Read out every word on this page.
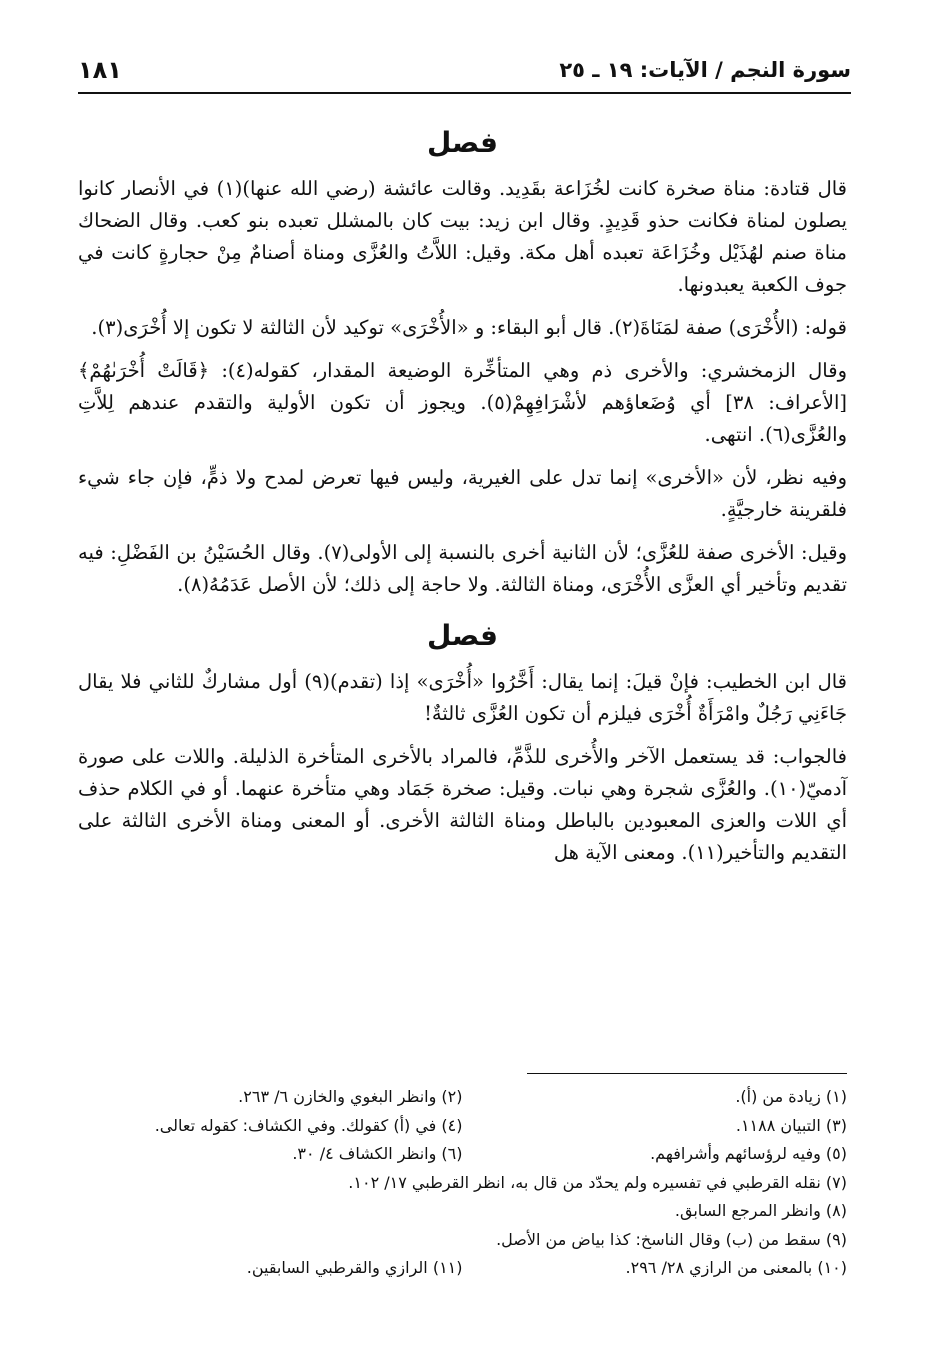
سورة النجم / الآيات: ١٩ ـ ٢٥
١٨١
فصل

قال قتادة: مناة صخرة كانت لخُزَاعة بقَدِيد. وقالت عائشة (رضي الله عنها)(١) في الأنصار كانوا يصلون لمناة فكانت حذو قَدِيدٍ. وقال ابن زيد: بيت كان بالمشلل تعبده بنو كعب. وقال الضحاك مناة صنم لهُذَيْل وخُزَاعَة تعبده أهل مكة. وقيل: اللاَّتُ والعُزَّى ومناة أصنامٌ مِنْ حجارةٍ كانت في جوف الكعبة يعبدونها.

قوله: (الأُخْرَى) صفة لمَنَاةَ(٢). قال أبو البقاء: و «الأُخْرَى» توكيد لأن الثالثة لا تكون إلا أُخْرَى(٣).

وقال الزمخشري: والأخرى ذم وهي المتأخِّرة الوضيعة المقدار، كقوله(٤): ﴿قَالَتْ أُخْرَىٰهُمْ﴾ [الأعراف: ٣٨] أي وُضَعاؤهم لأشْرَافِهِمْ(٥). ويجوز أن تكون الأولية والتقدم عندهم لِلاَّتِ والعُزَّى(٦). انتهى.

وفيه نظر، لأن «الأخرى» إنما تدل على الغيرية، وليس فيها تعرض لمدح ولا ذمٍّ، فإن جاء شيء فلقرينة خارجيَّةٍ.

وقيل: الأخرى صفة للعُزَّى؛ لأن الثانية أخرى بالنسبة إلى الأولى(٧). وقال الحُسَيْنُ بن الفَضْلِ: فيه تقديم وتأخير أي العزَّى الأُخْرَى، ومناة الثالثة. ولا حاجة إلى ذلك؛ لأن الأصل عَدَمُهُ(٨).

فصل

قال ابن الخطيب: فإنْ قيلَ: إنما يقال: أَخَّرُوا «أُخْرَى» إذا (تقدم)(٩) أول مشاركٌ للثاني فلا يقال جَاءَنِي رَجُلٌ وامْرَأَةٌ أُخْرَى فيلزم أن تكون العُزَّى ثالثةٌ!

فالجواب: قد يستعمل الآخر والأُخرى للذَّمِّ، فالمراد بالأخرى المتأخرة الذليلة. واللات على صورة آدميّ(١٠). والعُزَّى شجرة وهي نبات. وقيل: صخرة جَمَاد وهي متأخرة عنهما. أو في الكلام حذف أي اللات والعزى المعبودين بالباطل ومناة الثالثة الأخرى. أو المعنى ومناة الأخرى الثالثة على التقديم والتأخير(١١). ومعنى الآية هل

(١) زيادة من (أ).
(٢) وانظر البغوي والخازن ٦/ ٢٦٣.
(٣) التبيان ١١٨٨.
(٤) في (أ) كقولك. وفي الكشاف: كقوله تعالى.
(٥) وفيه لرؤسائهم وأشرافهم.
(٦) وانظر الكشاف ٤/ ٣٠.
(٧) نقله القرطبي في تفسيره ولم يحدّد من قال به، انظر القرطبي ١٧/ ١٠٢.
(٨) وانظر المرجع السابق.
(٩) سقط من (ب) وقال الناسخ: كذا بياض من الأصل.
(١٠) بالمعنى من الرازي ٢٨/ ٢٩٦.
(١١) الرازي والقرطبي السابقين.
